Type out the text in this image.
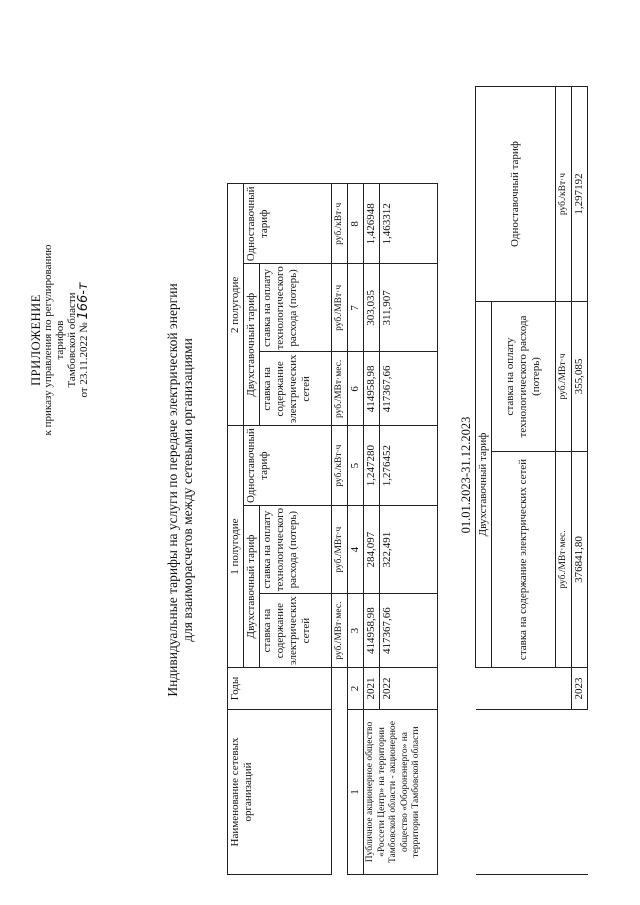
ПРИЛОЖЕНИЕ к приказу управления по регулированию тарифов Тамбовской области от 23.11.2022 № 166-т	Индивидуальные тарифы на услуги по передаче электрической энергии для взаиморасчетов между сетевыми организациями
Наименование сетевых организаций	Годы	1 полугодие			2 полугодие		
		Двухставочный тариф		Одноставочный тариф	Двухставочный тариф		Одноставочный тариф
		ставка на содержание электрических сетей	ставка на оплату технологического расхода (потерь)		ставка на содержание электрических сетей	ставка на оплату технологического расхода (потерь)	
		руб./МВт·мес.	руб./МВт·ч	руб./кВт·ч	руб./МВт·мес.	руб./МВт·ч	руб./кВт·ч
1	2	3	4	5	6	7	8
Публичное акционерное общество «Россети Центр» на территории Тамбовской области - акционерное общество «Оборонэнерго» на территории Тамбовской области	2021	414958,98	284,097	1,247280	414958,98	303,035	1,426948
	2022	417367,66	322,491	1,276452	417367,66	311,907	1,463312
01.01.2023-31.12.2023
		Двухставочный тариф		Одноставочный тариф
		ставка на содержание электрических сетей	ставка на оплату технологического расхода (потерь)	
		руб./МВт·мес.	руб./МВт·ч	руб./кВт·ч
	2023	376841,80	355,085	1,297192
